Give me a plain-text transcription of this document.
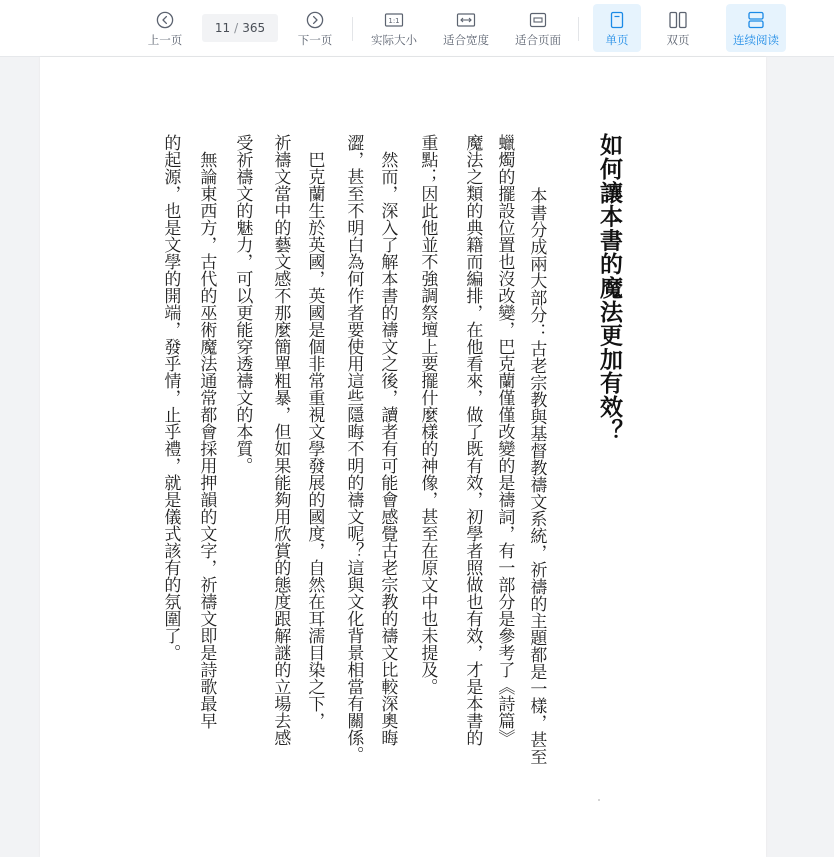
上一页
11 / 365
下一页
1:1
实际大小 适合宽度 适合页面	单页	双页	连续阅读
如何讓本書的魔法更加有效？
　本書分成兩大部分：古老宗教與基督教禱文系統，祈禱的主題都是一樣，甚至
蠟燭的擺設位置也沒改變，巴克蘭僅僅改變的是禱詞，有一部分是參考了《詩篇》
魔法之類的典籍而編排，在他看來，做了既有效，初學者照做也有效，才是本書的
重點；因此他並不強調祭壇上要擺什麼樣的神像，甚至在原文中也未提及。
　然而，深入了解本書的禱文之後，讀者有可能會感覺古老宗教的禱文比較深奧晦
澀，甚至不明白為何作者要使用這些隱晦不明的禱文呢？這與文化背景相當有關係。
　巴克蘭生於英國，英國是個非常重視文學發展的國度，自然在耳濡目染之下，
祈禱文當中的藝文感不那麼簡單粗暴，但如果能夠用欣賞的態度跟解謎的立場去感
受祈禱文的魅力，可以更能穿透禱文的本質。
　無論東西方，古代的巫術魔法通常都會採用押韻的文字，祈禱文即是詩歌最早
的起源，也是文學的開端，發乎情，止乎禮，就是儀式該有的氛圍了。
